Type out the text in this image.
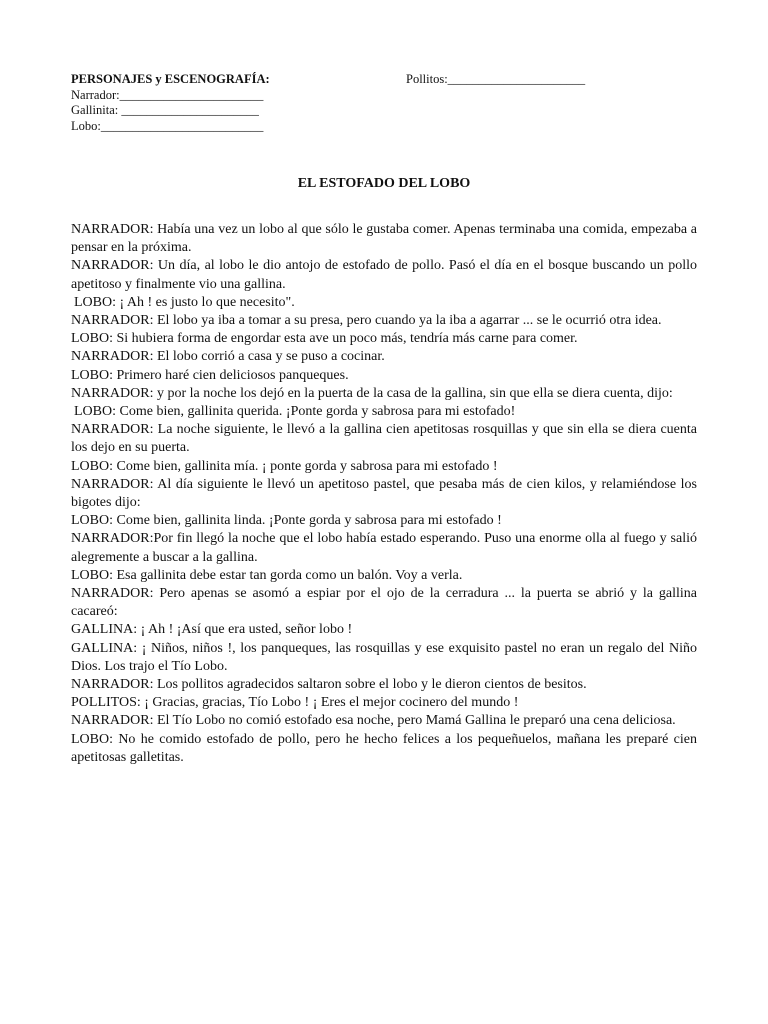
PERSONAJES y ESCENOGRAFÍA:
Narrador:_______________________
Gallinita: ______________________
Lobo:__________________________
Pollitos:______________________
EL ESTOFADO DEL LOBO

NARRADOR: Había una vez un lobo al que sólo le gustaba comer. Apenas terminaba una comida, empezaba a pensar en la próxima.

NARRADOR: Un día, al lobo le dio antojo de estofado de pollo. Pasó el día en el bosque buscando un pollo apetitoso y finalmente vio una gallina.

LOBO: ¡ Ah ! es justo lo que necesito".

NARRADOR: El lobo ya iba a tomar a su presa, pero cuando ya la iba a agarrar ... se le ocurrió otra idea.

LOBO: Si hubiera forma de engordar esta ave un poco más, tendría más carne para comer.

NARRADOR: El lobo corrió a casa y se puso a cocinar.

LOBO: Primero haré cien deliciosos panqueques.

NARRADOR: y por la noche los dejó en la puerta de la casa de la gallina, sin que ella se diera cuenta, dijo:

LOBO: Come bien, gallinita querida. ¡Ponte gorda y sabrosa para mi estofado!

NARRADOR: La noche siguiente, le llevó a la gallina cien apetitosas rosquillas y que sin ella se diera cuenta los dejo en su puerta.

LOBO: Come bien, gallinita mía. ¡ ponte gorda y sabrosa para mi estofado !

NARRADOR: Al día siguiente le llevó un apetitoso pastel, que pesaba más de cien kilos, y relamiéndose los bigotes dijo:

LOBO: Come bien, gallinita linda. ¡Ponte gorda y sabrosa para mi estofado !

NARRADOR:Por fin llegó la noche que el lobo había estado esperando. Puso una enorme olla al fuego y salió alegremente a buscar a la gallina.

LOBO: Esa gallinita debe estar tan gorda como un balón. Voy a verla.

NARRADOR: Pero apenas se asomó a espiar por el ojo de la cerradura ... la puerta se abrió y la gallina cacareó:

GALLINA: ¡ Ah ! ¡Así que era usted, señor lobo !

GALLINA: ¡ Niños, niños !, los panqueques, las rosquillas y ese exquisito pastel no eran un regalo del Niño Dios. Los trajo el Tío Lobo.

NARRADOR: Los pollitos agradecidos saltaron sobre el lobo y le dieron cientos de besitos.

POLLITOS: ¡ Gracias, gracias, Tío Lobo ! ¡ Eres el mejor cocinero del mundo !

NARRADOR: El Tío Lobo no comió estofado esa noche, pero Mamá Gallina le preparó una cena deliciosa.

LOBO: No he comido estofado de pollo, pero he hecho felices a los pequeñuelos, mañana les preparé cien apetitosas galletitas.
